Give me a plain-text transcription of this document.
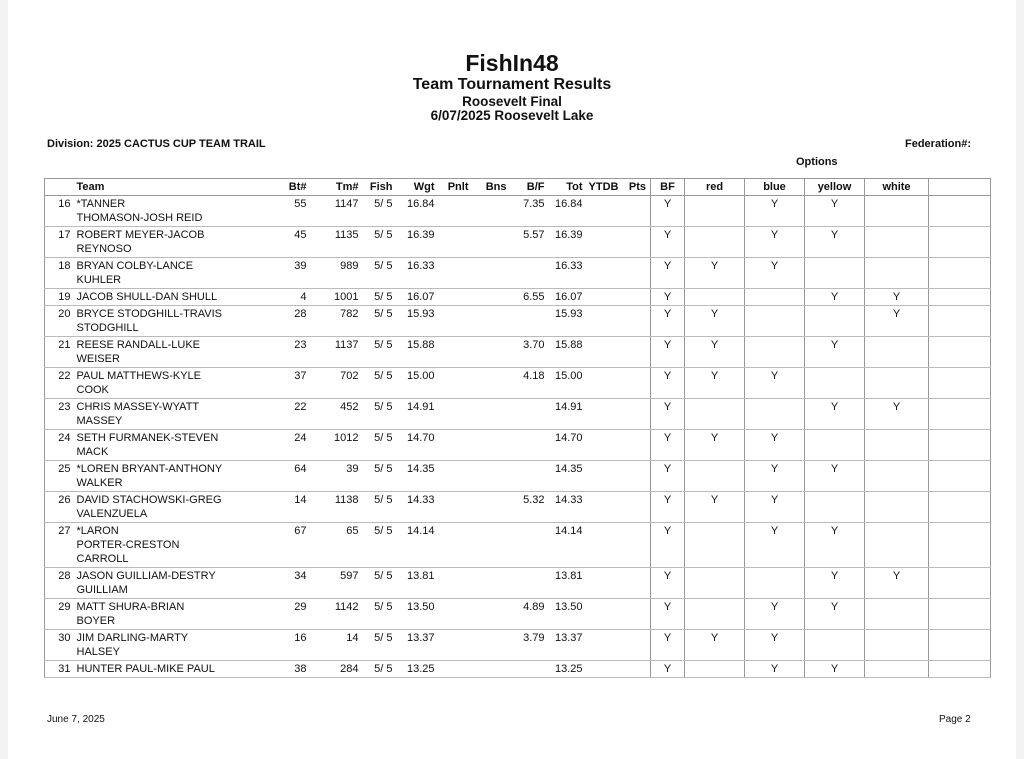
FishIn48
Team Tournament Results
Roosevelt Final
6/07/2025 Roosevelt Lake
Division: 2025 CACTUS CUP TEAM TRAIL	Federation#:
Options
	Team	Bt#	Tm#	Fish	Wgt	Pnlt	Bns	B/F	Tot	YTDB	Pts	BF	red	blue	yellow	white	
16	*TANNER
THOMASON-JOSH REID	55	1147	5/ 5	16.84			7.35	16.84			Y		Y	Y		
17	ROBERT MEYER-JACOB
REYNOSO	45	1135	5/ 5	16.39			5.57	16.39			Y		Y	Y		
18	BRYAN COLBY-LANCE
KUHLER	39	989	5/ 5	16.33				16.33			Y	Y	Y			
19	JACOB SHULL-DAN SHULL	4	1001	5/ 5	16.07			6.55	16.07			Y			Y	Y	
20	BRYCE STODGHILL-TRAVIS
STODGHILL	28	782	5/ 5	15.93				15.93			Y	Y			Y	
21	REESE RANDALL-LUKE
WEISER	23	1137	5/ 5	15.88			3.70	15.88			Y	Y		Y		
22	PAUL MATTHEWS-KYLE
COOK	37	702	5/ 5	15.00			4.18	15.00			Y	Y	Y			
23	CHRIS MASSEY-WYATT
MASSEY	22	452	5/ 5	14.91				14.91			Y			Y	Y	
24	SETH FURMANEK-STEVEN
MACK	24	1012	5/ 5	14.70				14.70			Y	Y	Y			
25	*LOREN BRYANT-ANTHONY
WALKER	64	39	5/ 5	14.35				14.35			Y		Y	Y		
26	DAVID STACHOWSKI-GREG
VALENZUELA	14	1138	5/ 5	14.33			5.32	14.33			Y	Y	Y			
27	*LARON
PORTER-CRESTON
CARROLL	67	65	5/ 5	14.14				14.14			Y		Y	Y		
28	JASON GUILLIAM-DESTRY
GUILLIAM	34	597	5/ 5	13.81				13.81			Y			Y	Y	
29	MATT SHURA-BRIAN
BOYER	29	1142	5/ 5	13.50			4.89	13.50			Y		Y	Y		
30	JIM DARLING-MARTY
HALSEY	16	14	5/ 5	13.37			3.79	13.37			Y	Y	Y			
31	HUNTER PAUL-MIKE PAUL	38	284	5/ 5	13.25				13.25			Y		Y	Y		
June 7, 2025	Page 2
